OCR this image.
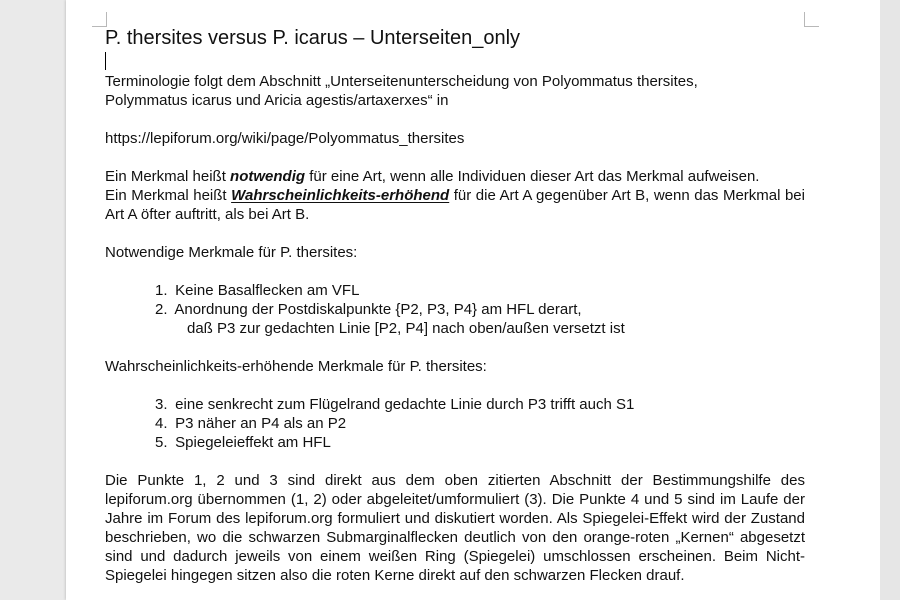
P. thersites versus P. icarus – Unterseiten_only

Terminologie folgt dem Abschnitt „Unterseitenunterscheidung von Polyommatus thersites,

Polymmatus icarus und Aricia agestis/artaxerxes“ in

https://lepiforum.org/wiki/page/Polyommatus_thersites

Ein Merkmal heißt notwendig für eine Art, wenn alle Individuen dieser Art das Merkmal aufweisen.

Ein Merkmal heißt Wahrscheinlichkeits-erhöhend für die Art A gegenüber Art B, wenn das Merkmal bei Art A öfter auftritt, als bei Art B.

Notwendige Merkmale für P. thersites:

1. Keine Basalflecken am VFL
2. Anordnung der Postdiskalpunkte {P2, P3, P4} am HFL derart,

daß P3 zur gedachten Linie [P2, P4] nach oben/außen versetzt ist

Wahrscheinlichkeits-erhöhende Merkmale für P. thersites:

3. eine senkrecht zum Flügelrand gedachte Linie durch P3 trifft auch S1
4. P3 näher an P4 als an P2
5. Spiegeleieffekt am HFL

Die Punkte 1, 2 und 3 sind direkt aus dem oben zitierten Abschnitt der Bestimmungshilfe des lepiforum.org übernommen (1, 2) oder abgeleitet/umformuliert (3). Die Punkte 4 und 5 sind im Laufe der Jahre im Forum des lepiforum.org formuliert und diskutiert worden. Als Spiegelei-Effekt wird der Zustand beschrieben, wo die schwarzen Submarginalflecken deutlich von den orange-roten „Kernen“ abgesetzt sind und dadurch jeweils von einem weißen Ring (Spiegelei) umschlossen erscheinen. Beim Nicht-Spiegelei hingegen sitzen also die roten Kerne direkt auf den schwarzen Flecken drauf.
